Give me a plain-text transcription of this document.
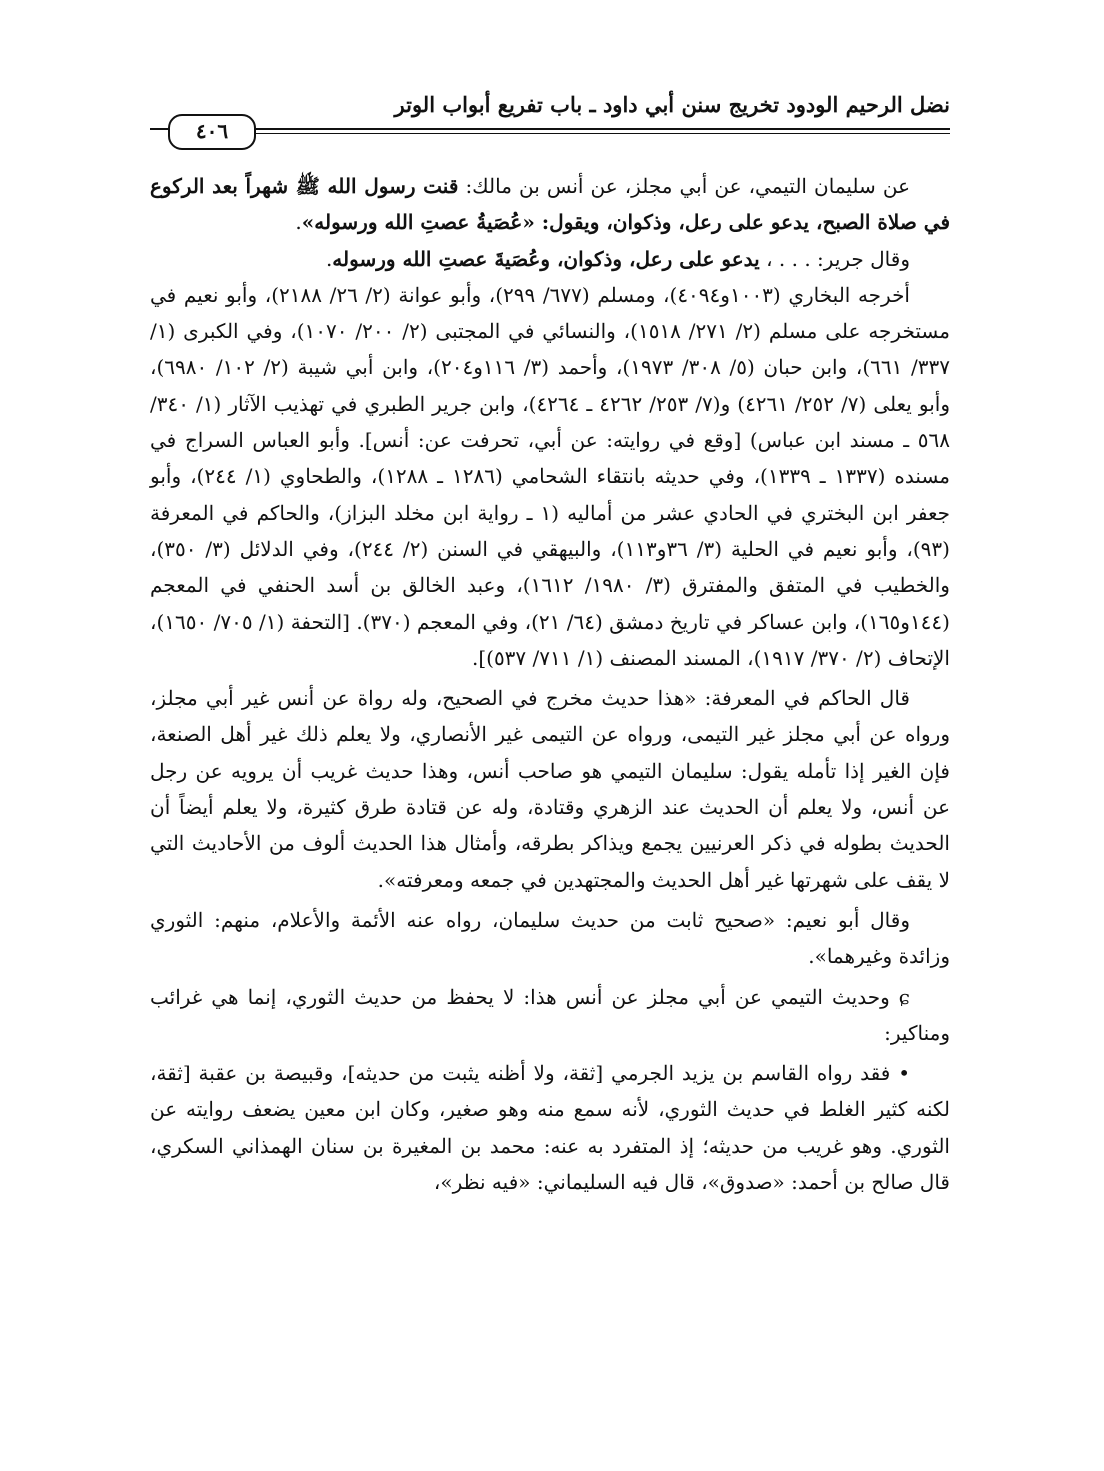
نضل الرحيم الودود تخريج سنن أبي داود ـ باب تفريع أبواب الوتر
٤٠٦

عن سليمان التيمي، عن أبي مجلز، عن أنس بن مالك: قنت رسول الله ﷺ شهراً بعد الركوع في صلاة الصبح، يدعو على رعل، وذكوان، ويقول: «عُصَيةُ عصتِ الله ورسوله».

وقال جرير: . . . ، يدعو على رعل، وذكوان، وعُصَيةَ عصتِ الله ورسوله.

أخرجه البخاري (١٠٠٣و٤٠٩٤)، ومسلم (٦٧٧/ ٢٩٩)، وأبو عوانة (٢/ ٢٦/ ٢١٨٨)، وأبو نعيم في مستخرجه على مسلم (٢/ ٢٧١/ ١٥١٨)، والنسائي في المجتبى (٢/ ٢٠٠/ ١٠٧٠)، وفي الكبرى (١/ ٣٣٧/ ٦٦١)، وابن حبان (٥/ ٣٠٨/ ١٩٧٣)، وأحمد (٣/ ١١٦و٢٠٤)، وابن أبي شيبة (٢/ ١٠٢/ ٦٩٨٠)، وأبو يعلى (٧/ ٢٥٢/ ٤٢٦١) و(٧/ ٢٥٣/ ٤٢٦٢ ـ ٤٢٦٤)، وابن جرير الطبري في تهذيب الآثار (١/ ٣٤٠/ ٥٦٨ ـ مسند ابن عباس) [وقع في روايته: عن أبي، تحرفت عن: أنس]. وأبو العباس السراج في مسنده (١٣٣٧ ـ ١٣٣٩)، وفي حديثه بانتقاء الشحامي (١٢٨٦ ـ ١٢٨٨)، والطحاوي (١/ ٢٤٤)، وأبو جعفر ابن البختري في الحادي عشر من أماليه (١ ـ رواية ابن مخلد البزاز)، والحاكم في المعرفة (٩٣)، وأبو نعيم في الحلية (٣/ ٣٦و١١٣)، والبيهقي في السنن (٢/ ٢٤٤)، وفي الدلائل (٣/ ٣٥٠)، والخطيب في المتفق والمفترق (٣/ ١٩٨٠/ ١٦١٢)، وعبد الخالق بن أسد الحنفي في المعجم (١٤٤و١٦٥)، وابن عساكر في تاريخ دمشق (٦٤/ ٢١)، وفي المعجم (٣٧٠). [التحفة (١/ ٧٠٥/ ١٦٥٠)، الإتحاف (٢/ ٣٧٠/ ١٩١٧)، المسند المصنف (١/ ٧١١/ ٥٣٧)].

قال الحاكم في المعرفة: «هذا حديث مخرج في الصحيح، وله رواة عن أنس غير أبي مجلز، ورواه عن أبي مجلز غير التيمى، ورواه عن التيمى غير الأنصاري، ولا يعلم ذلك غير أهل الصنعة، فإن الغير إذا تأمله يقول: سليمان التيمي هو صاحب أنس، وهذا حديث غريب أن يرويه عن رجل عن أنس، ولا يعلم أن الحديث عند الزهري وقتادة، وله عن قتادة طرق كثيرة، ولا يعلم أيضاً أن الحديث بطوله في ذكر العرنيين يجمع ويذاكر بطرقه، وأمثال هذا الحديث ألوف من الأحاديث التي لا يقف على شهرتها غير أهل الحديث والمجتهدين في جمعه ومعرفته».

وقال أبو نعيم: «صحيح ثابت من حديث سليمان، رواه عنه الأئمة والأعلام، منهم: الثوري وزائدة وغيرهما».

ɕ وحديث التيمي عن أبي مجلز عن أنس هذا: لا يحفظ من حديث الثوري، إنما هي غرائب ومناكير:

• فقد رواه القاسم بن يزيد الجرمي [ثقة، ولا أظنه يثبت من حديثه]، وقبيصة بن عقبة [ثقة، لكنه كثير الغلط في حديث الثوري، لأنه سمع منه وهو صغير، وكان ابن معين يضعف روايته عن الثوري. وهو غريب من حديثه؛ إذ المتفرد به عنه: محمد بن المغيرة بن سنان الهمذاني السكري، قال صالح بن أحمد: «صدوق»، قال فيه السليماني: «فيه نظر»،
